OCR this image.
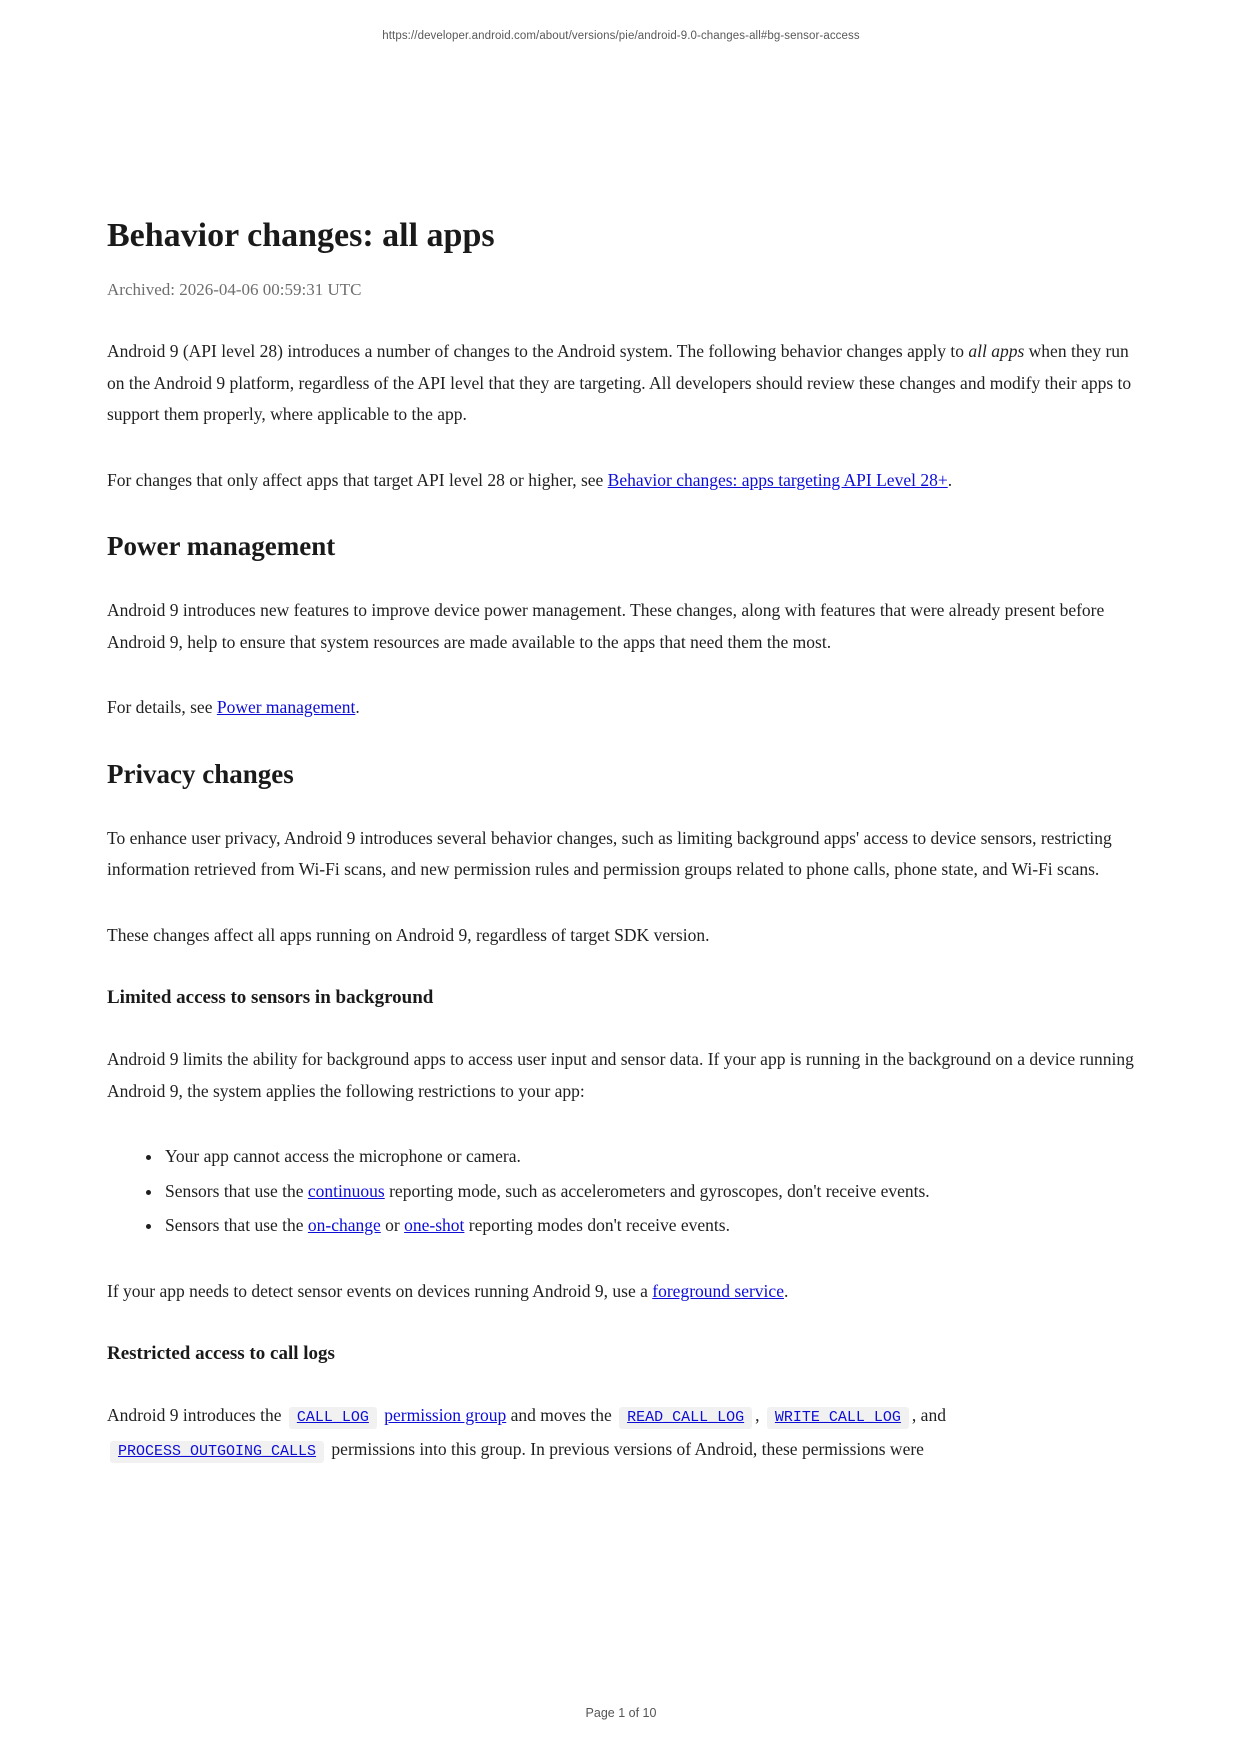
https://developer.android.com/about/versions/pie/android-9.0-changes-all#bg-sensor-access
Behavior changes: all apps
Archived: 2026-04-06 00:59:31 UTC

Android 9 (API level 28) introduces a number of changes to the Android system. The following behavior changes apply to all apps when they run on the Android 9 platform, regardless of the API level that they are targeting. All developers should review these changes and modify their apps to support them properly, where applicable to the app.

For changes that only affect apps that target API level 28 or higher, see Behavior changes: apps targeting API Level 28+.

Power management

Android 9 introduces new features to improve device power management. These changes, along with features that were already present before Android 9, help to ensure that system resources are made available to the apps that need them the most.

For details, see Power management.

Privacy changes

To enhance user privacy, Android 9 introduces several behavior changes, such as limiting background apps' access to device sensors, restricting information retrieved from Wi-Fi scans, and new permission rules and permission groups related to phone calls, phone state, and Wi-Fi scans.

These changes affect all apps running on Android 9, regardless of target SDK version.

Limited access to sensors in background

Android 9 limits the ability for background apps to access user input and sensor data. If your app is running in the background on a device running Android 9, the system applies the following restrictions to your app:

• Your app cannot access the microphone or camera.
• Sensors that use the continuous reporting mode, such as accelerometers and gyroscopes, don't receive events.
• Sensors that use the on-change or one-shot reporting modes don't receive events.

If your app needs to detect sensor events on devices running Android 9, use a foreground service.

Restricted access to call logs

Android 9 introduces the CALL_LOG permission group and moves the READ_CALL_LOG , WRITE_CALL_LOG , and PROCESS_OUTGOING_CALLS permissions into this group. In previous versions of Android, these permissions were

Page 1 of 10
